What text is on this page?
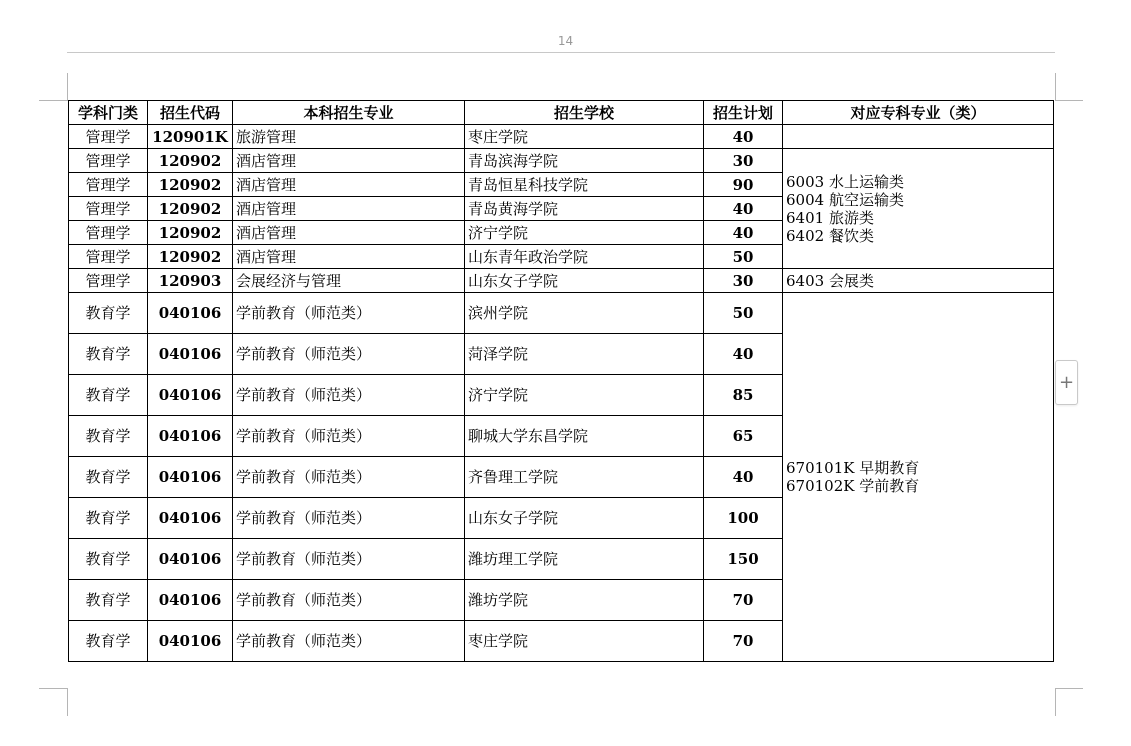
14
学科门类	招生代码	本科招生专业	招生学校	招生计划	对应专科专业（类）
管理学	120901K	旅游管理	枣庄学院	40	
管理学	120902	酒店管理	青岛滨海学院	30	6003 水上运输类
6004 航空运输类
6401 旅游类
6402 餐饮类

管理学	120902	酒店管理	青岛恒星科技学院	90	
管理学	120902	酒店管理	青岛黄海学院	40	
管理学	120902	酒店管理	济宁学院	40	
管理学	120902	酒店管理	山东青年政治学院	50	
管理学	120903	会展经济与管理	山东女子学院	30	6403 会展类
教育学	040106	学前教育（师范类）	滨州学院	50	670101K 早期教育
670102K 学前教育

教育学	040106	学前教育（师范类）	菏泽学院	40	
教育学	040106	学前教育（师范类）	济宁学院	85	
教育学	040106	学前教育（师范类）	聊城大学东昌学院	65	
教育学	040106	学前教育（师范类）	齐鲁理工学院	40	
教育学	040106	学前教育（师范类）	山东女子学院	100	
教育学	040106	学前教育（师范类）	潍坊理工学院	150	
教育学	040106	学前教育（师范类）	潍坊学院	70	
教育学	040106	学前教育（师范类）	枣庄学院	70	
+
